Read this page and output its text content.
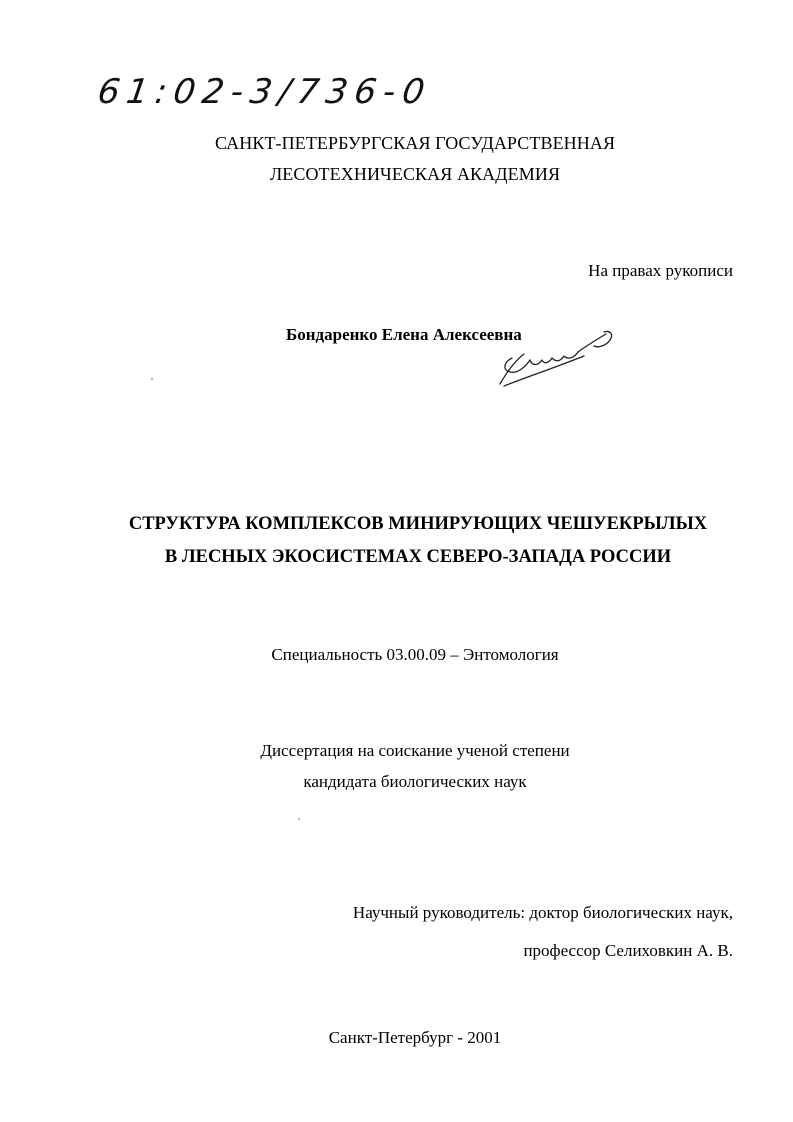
61:02-3/736-0
САНКТ-ПЕТЕРБУРГСКАЯ ГОСУДАРСТВЕННАЯ
ЛЕСОТЕХНИЧЕСКАЯ АКАДЕМИЯ
На правах рукописи
Бондаренко Елена Алексеевна
СТРУКТУРА КОМПЛЕКСОВ МИНИРУЮЩИХ ЧЕШУЕКРЫЛЫХ
В ЛЕСНЫХ ЭКОСИСТЕМАХ СЕВЕРО-ЗАПАДА РОССИИ
Специальность 03.00.09 – Энтомология
Диссертация на соискание ученой степени
кандидата биологических наук
Научный руководитель: доктор биологических наук,
профессор Селиховкин А. В.
Санкт-Петербург - 2001
